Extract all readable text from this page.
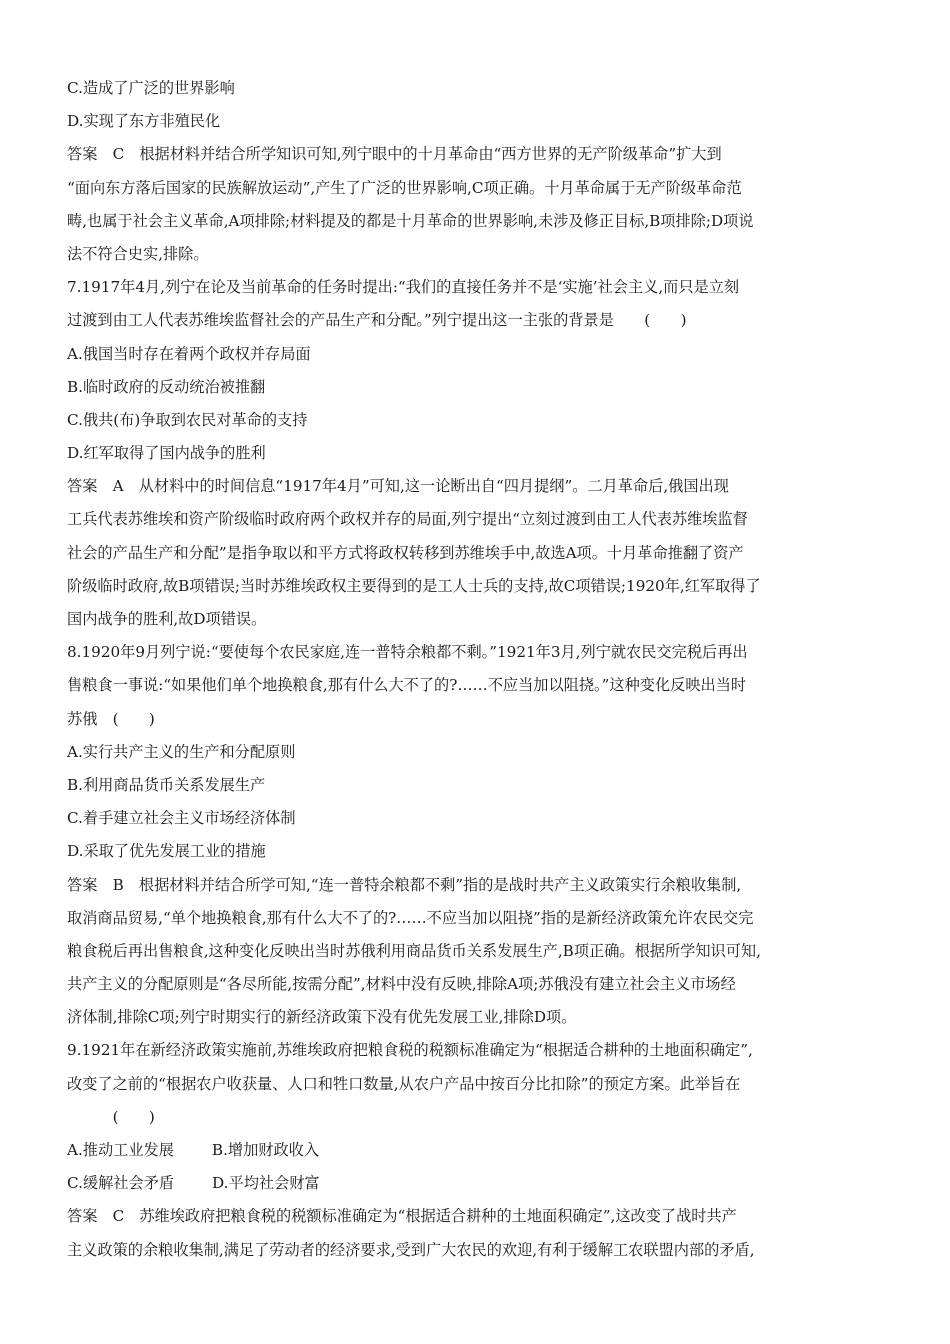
C.造成了广泛的世界影响
D.实现了东方非殖民化
答案　C　根据材料并结合所学知识可知,列宁眼中的十月革命由“西方世界的无产阶级革命”扩大到
“面向东方落后国家的民族解放运动”,产生了广泛的世界影响,C项正确。十月革命属于无产阶级革命范
畴,也属于社会主义革命,A项排除;材料提及的都是十月革命的世界影响,未涉及修正目标,B项排除;D项说
法不符合史实,排除。
7.1917年4月,列宁在论及当前革命的任务时提出:“我们的直接任务并不是‘实施’社会主义,而只是立刻
过渡到由工人代表苏维埃监督社会的产品生产和分配。”列宁提出这一主张的背景是　　(　　)
A.俄国当时存在着两个政权并存局面
B.临时政府的反动统治被推翻
C.俄共(布)争取到农民对革命的支持
D.红军取得了国内战争的胜利
答案　A　从材料中的时间信息“1917年4月”可知,这一论断出自“四月提纲”。二月革命后,俄国出现
工兵代表苏维埃和资产阶级临时政府两个政权并存的局面,列宁提出“立刻过渡到由工人代表苏维埃监督
社会的产品生产和分配”是指争取以和平方式将政权转移到苏维埃手中,故选A项。十月革命推翻了资产
阶级临时政府,故B项错误;当时苏维埃政权主要得到的是工人士兵的支持,故C项错误;1920年,红军取得了
国内战争的胜利,故D项错误。
8.1920年9月列宁说:“要使每个农民家庭,连一普特余粮都不剩。”1921年3月,列宁就农民交完税后再出
售粮食一事说:“如果他们单个地换粮食,那有什么大不了的?……不应当加以阻挠。”这种变化反映出当时
苏俄　(　　)
A.实行共产主义的生产和分配原则
B.利用商品货币关系发展生产
C.着手建立社会主义市场经济体制
D.采取了优先发展工业的措施
答案　B　根据材料并结合所学可知,“连一普特余粮都不剩”指的是战时共产主义政策实行余粮收集制,
取消商品贸易,“单个地换粮食,那有什么大不了的?……不应当加以阻挠”指的是新经济政策允许农民交完
粮食税后再出售粮食,这种变化反映出当时苏俄利用商品货币关系发展生产,B项正确。根据所学知识可知,
共产主义的分配原则是“各尽所能,按需分配”,材料中没有反映,排除A项;苏俄没有建立社会主义市场经
济体制,排除C项;列宁时期实行的新经济政策下没有优先发展工业,排除D项。
9.1921年在新经济政策实施前,苏维埃政府把粮食税的税额标准确定为“根据适合耕种的土地面积确定”,
改变了之前的“根据农户收获量、人口和牲口数量,从农户产品中按百分比扣除”的预定方案。此举旨在
　　　(　　)
A.推动工业发展	B.增加财政收入
C.缓解社会矛盾	D.平均社会财富
答案　C　苏维埃政府把粮食税的税额标准确定为“根据适合耕种的土地面积确定”,这改变了战时共产
主义政策的余粮收集制,满足了劳动者的经济要求,受到广大农民的欢迎,有利于缓解工农联盟内部的矛盾,
